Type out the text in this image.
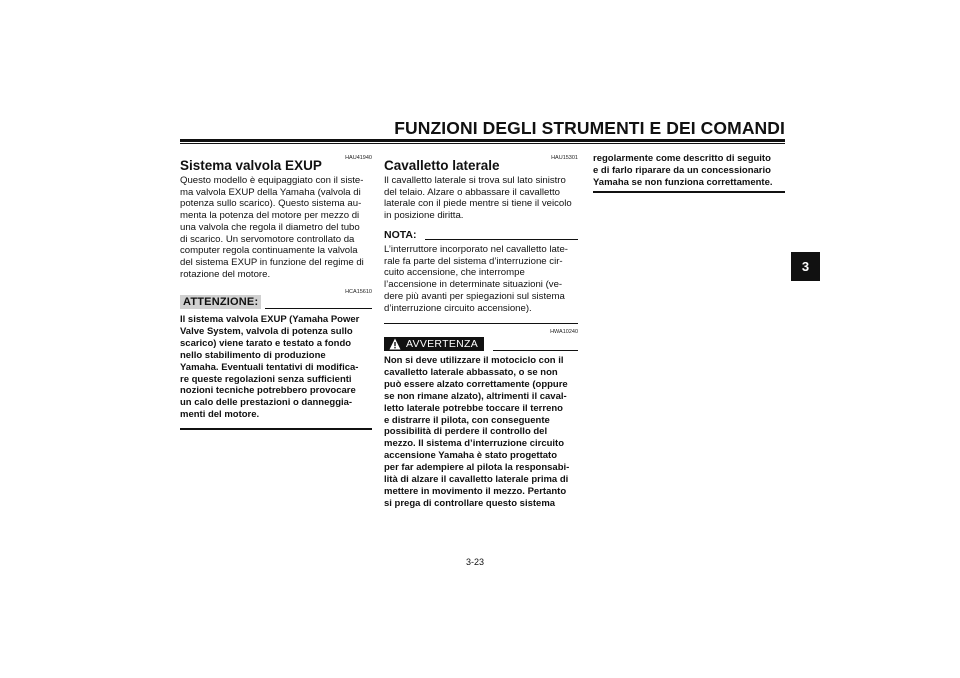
FUNZIONI DEGLI STRUMENTI E DEI COMANDI
3
HAU41940
Sistema valvola EXUP
Questo modello è equipaggiato con il siste-
ma valvola EXUP della Yamaha (valvola di
potenza sullo scarico). Questo sistema au-
menta la potenza del motore per mezzo di
una valvola che regola il diametro del tubo
di scarico. Un servomotore controllato da
computer regola continuamente la valvola
del sistema EXUP in funzione del regime di
rotazione del motore.
ATTENZIONE:
HCA15610
Il sistema valvola EXUP (Yamaha Power
Valve System, valvola di potenza sullo
scarico) viene tarato e testato a fondo
nello stabilimento di produzione
Yamaha. Eventuali tentativi di modifica-
re queste regolazioni senza sufficienti
nozioni tecniche potrebbero provocare
un calo delle prestazioni o danneggia-
menti del motore.
HAU15301
Cavalletto laterale
Il cavalletto laterale si trova sul lato sinistro
del telaio. Alzare o abbassare il cavalletto
laterale con il piede mentre si tiene il veicolo
in posizione diritta.
NOTA:
L’interruttore incorporato nel cavalletto late-
rale fa parte del sistema d’interruzione cir-
cuito accensione, che interrompe
l’accensione in determinate situazioni (ve-
dere più avanti per spiegazioni sul sistema
d’interruzione circuito accensione).
HWA10240
AVVERTENZA
Non si deve utilizzare il motociclo con il
cavalletto laterale abbassato, o se non
può essere alzato correttamente (oppure
se non rimane alzato), altrimenti il caval-
letto laterale potrebbe toccare il terreno
e distrarre il pilota, con conseguente
possibilità di perdere il controllo del
mezzo. Il sistema d’interruzione circuito
accensione Yamaha è stato progettato
per far adempiere al pilota la responsabi-
lità di alzare il cavalletto laterale prima di
mettere in movimento il mezzo. Pertanto
si prega di controllare questo sistema
regolarmente come descritto di seguito
e di farlo riparare da un concessionario
Yamaha se non funziona correttamente.
3-23
